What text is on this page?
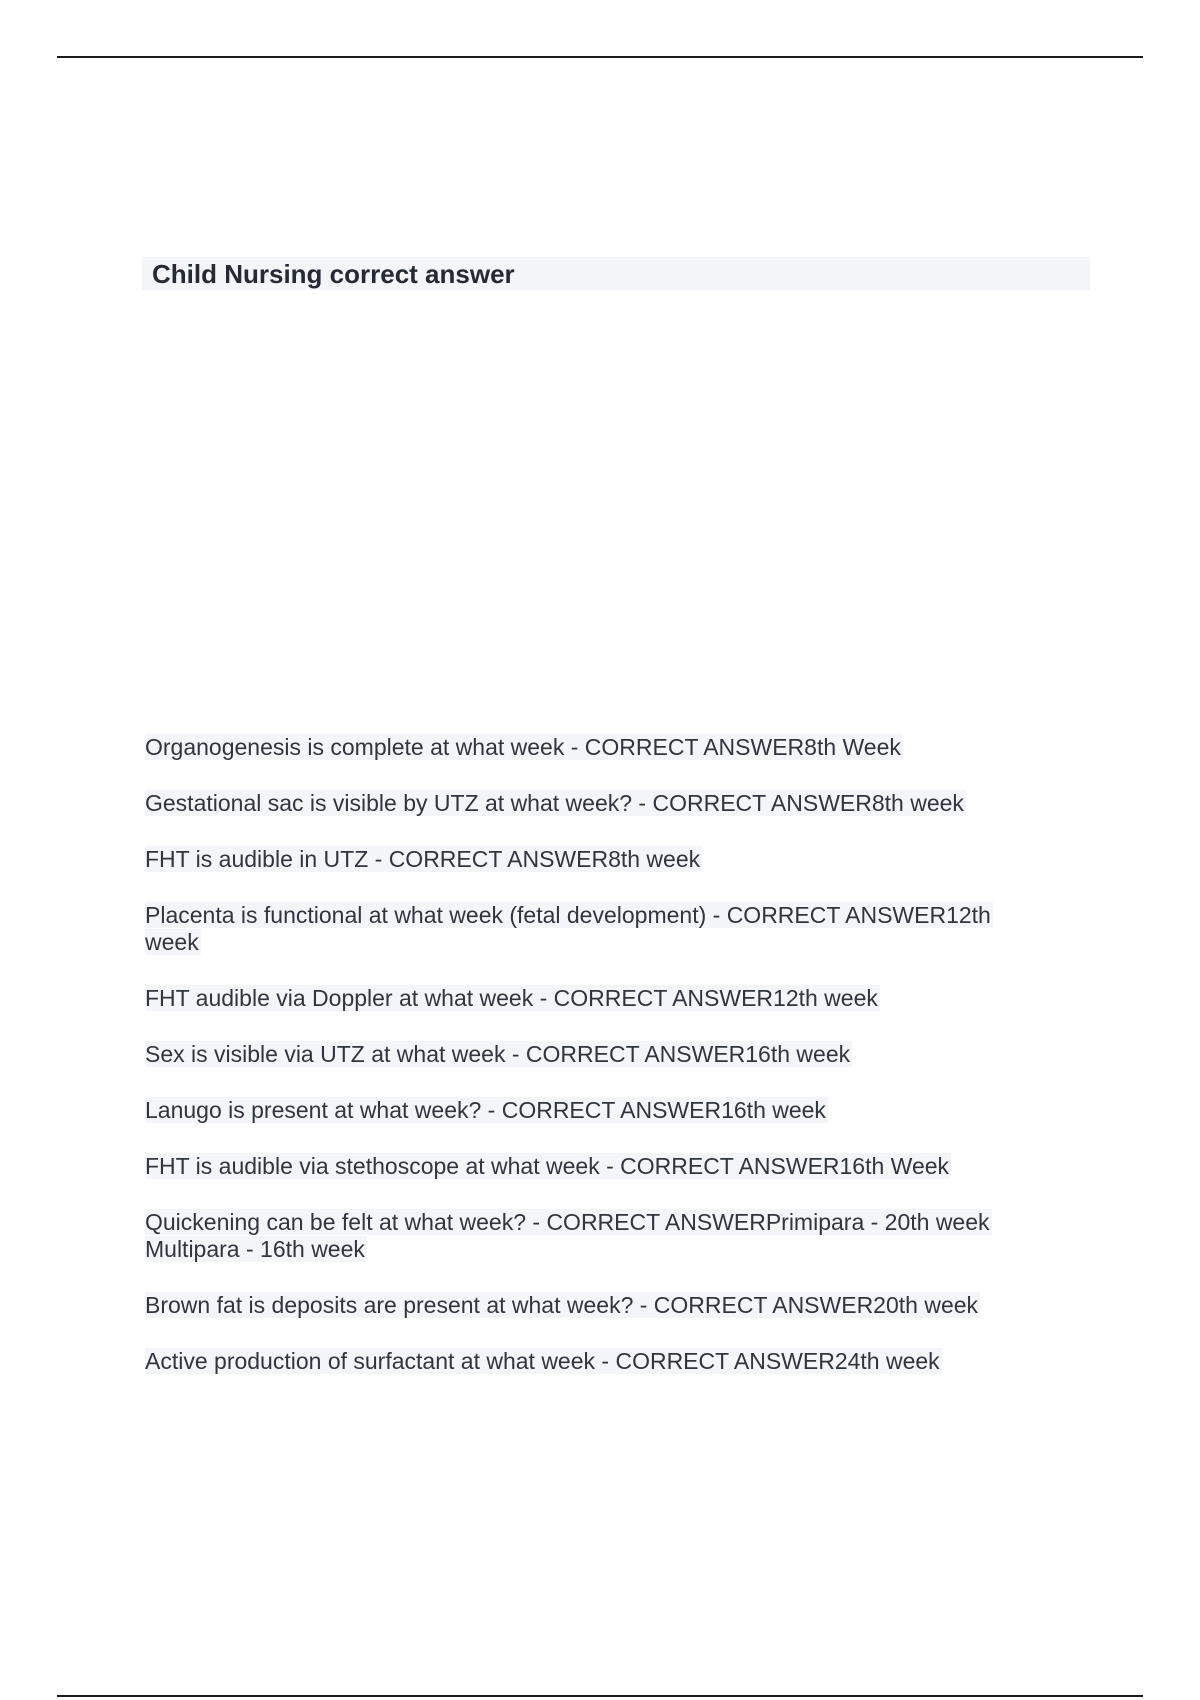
Child Nursing correct answer

Organogenesis is complete at what week - CORRECT ANSWER8th Week

Gestational sac is visible by UTZ at what week? - CORRECT ANSWER8th week

FHT is audible in UTZ - CORRECT ANSWER8th week

Placenta is functional at what week (fetal development) - CORRECT ANSWER12th
week

FHT audible via Doppler at what week - CORRECT ANSWER12th week

Sex is visible via UTZ at what week - CORRECT ANSWER16th week

Lanugo is present at what week? - CORRECT ANSWER16th week

FHT is audible via stethoscope at what week - CORRECT ANSWER16th Week

Quickening can be felt at what week? - CORRECT ANSWERPrimipara - 20th week
Multipara - 16th week

Brown fat is deposits are present at what week? - CORRECT ANSWER20th week

Active production of surfactant at what week - CORRECT ANSWER24th week
